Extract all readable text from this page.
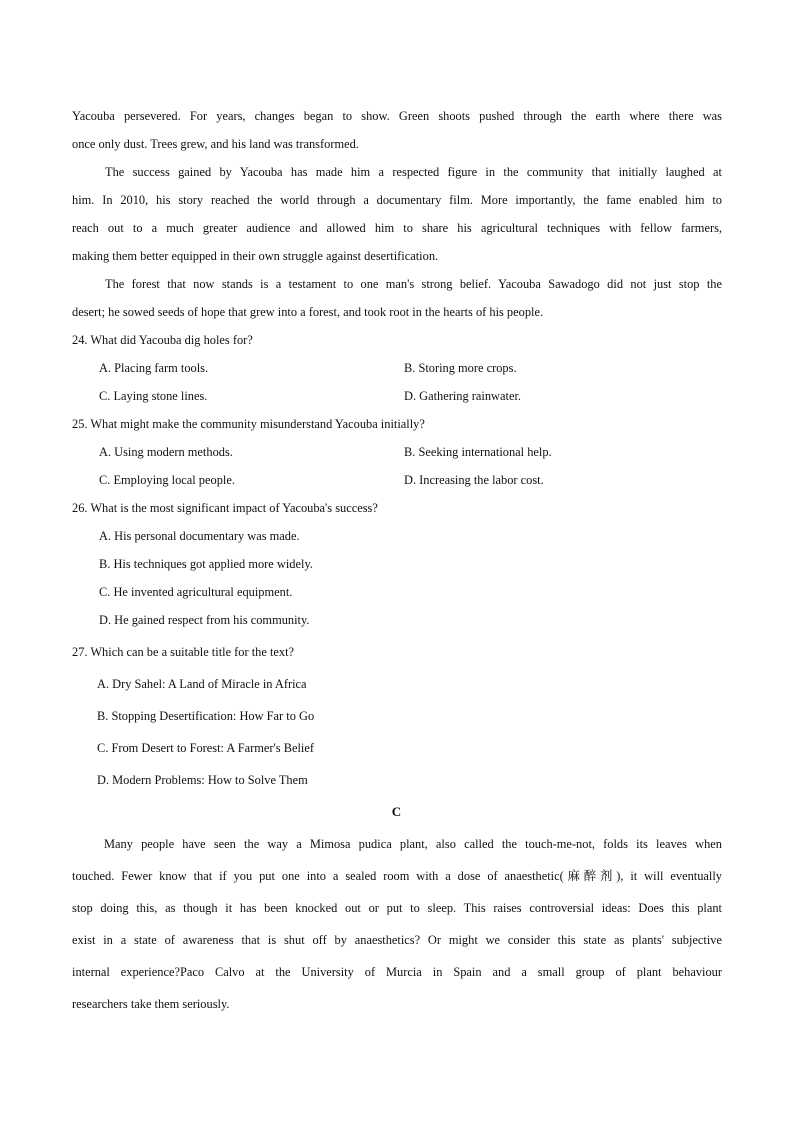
Yacouba persevered. For years, changes began to show. Green shoots pushed through the earth where there was
once only dust. Trees grew, and his land was transformed.
The success gained by Yacouba has made him a respected figure in the community that initially laughed at
him. In 2010, his story reached the world through a documentary film. More importantly, the fame enabled him to
reach out to a much greater audience and allowed him to share his agricultural techniques with fellow farmers,
making them better equipped in their own struggle against desertification.
The forest that now stands is a testament to one man's strong belief. Yacouba Sawadogo did not just stop the
desert; he sowed seeds of hope that grew into a forest, and took root in the hearts of his people.
24. What did Yacouba dig holes for?
A. Placing farm tools.	B. Storing more crops.
C. Laying stone lines.	D. Gathering rainwater.
25. What might make the community misunderstand Yacouba initially?
A. Using modern methods.	B. Seeking international help.
C. Employing local people.	D. Increasing the labor cost.
26. What is the most significant impact of Yacouba's success?
A. His personal documentary was made.
B. His techniques got applied more widely.
C. He invented agricultural equipment.
D. He gained respect from his community.
27. Which can be a suitable title for the text?
A. Dry Sahel: A Land of Miracle in Africa
B. Stopping Desertification: How Far to Go
C. From Desert to Forest: A Farmer's Belief
D. Modern Problems: How to Solve Them
C
Many people have seen the way a Mimosa pudica plant, also called the touch-me-not, folds its leaves when
touched. Fewer know that if you put one into a sealed room with a dose of anaesthetic(麻醉剂), it will eventually
stop doing this, as though it has been knocked out or put to sleep. This raises controversial ideas: Does this plant
exist in a state of awareness that is shut off by anaesthetics? Or might we consider this state as plants' subjective
internal experience?Paco Calvo at the University of Murcia in Spain and a small group of plant behaviour
researchers take them seriously.
